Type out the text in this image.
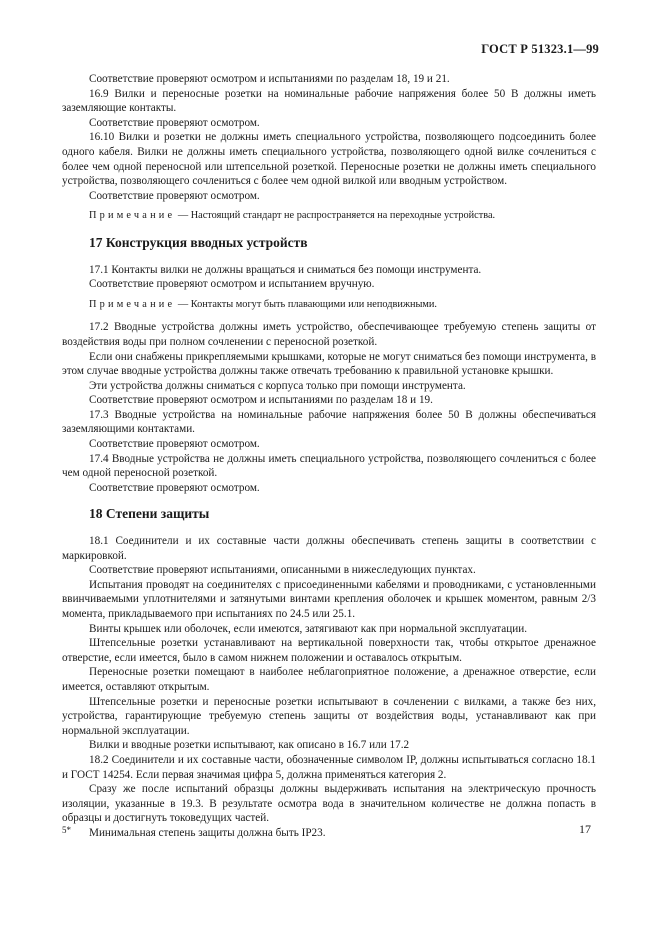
ГОСТ Р 51323.1—99

Соответствие проверяют осмотром и испытаниями по разделам 18, 19 и 21.

16.9 Вилки и переносные розетки на номинальные рабочие напряжения более 50 В должны иметь заземляющие контакты.

Соответствие проверяют осмотром.

16.10 Вилки и розетки не должны иметь специального устройства, позволяющего подсоединить более одного кабеля. Вилки не должны иметь специального устройства, позволяющего одной вилке сочлениться с более чем одной переносной или штепсельной розеткой. Переносные розетки не должны иметь специального устройства, позволяющего сочлениться с более чем одной вилкой или вводным устройством.

Соответствие проверяют осмотром.

Примечание — Настоящий стандарт не распространяется на переходные устройства.
17 Конструкция вводных устройств

17.1 Контакты вилки не должны вращаться и сниматься без помощи инструмента.

Соответствие проверяют осмотром и испытанием вручную.

Примечание — Контакты могут быть плавающими или неподвижными.

17.2 Вводные устройства должны иметь устройство, обеспечивающее требуемую степень защиты от воздействия воды при полном сочленении с переносной розеткой.

Если они снабжены прикрепляемыми крышками, которые не могут сниматься без помощи инструмента, в этом случае вводные устройства должны также отвечать требованию к правильной установке крышки.

Эти устройства должны сниматься с корпуса только при помощи инструмента.

Соответствие проверяют осмотром и испытаниями по разделам 18 и 19.

17.3 Вводные устройства на номинальные рабочие напряжения более 50 В должны обеспечиваться заземляющими контактами.

Соответствие проверяют осмотром.

17.4 Вводные устройства не должны иметь специального устройства, позволяющего сочлениться с более чем одной переносной розеткой.

Соответствие проверяют осмотром.

18 Степени защиты

18.1 Соединители и их составные части должны обеспечивать степень защиты в соответствии с маркировкой.

Соответствие проверяют испытаниями, описанными в нижеследующих пунктах.

Испытания проводят на соединителях с присоединенными кабелями и проводниками, с установленными ввинчиваемыми уплотнителями и затянутыми винтами крепления оболочек и крышек моментом, равным 2/3 момента, прикладываемого при испытаниях по 24.5 или 25.1.

Винты крышек или оболочек, если имеются, затягивают как при нормальной эксплуатации.

Штепсельные розетки устанавливают на вертикальной поверхности так, чтобы открытое дренажное отверстие, если имеется, было в самом нижнем положении и оставалось открытым.

Переносные розетки помещают в наиболее неблагоприятное положение, а дренажное отверстие, если имеется, оставляют открытым.

Штепсельные розетки и переносные розетки испытывают в сочленении с вилками, а также без них, устройства, гарантирующие требуемую степень защиты от воздействия воды, устанавливают как при нормальной эксплуатации.

Вилки и вводные розетки испытывают, как описано в 16.7 или 17.2

18.2 Соединители и их составные части, обозначенные символом IP, должны испытываться согласно 18.1 и ГОСТ 14254. Если первая значимая цифра 5, должна применяться категория 2.

Сразу же после испытаний образцы должны выдерживать испытания на электрическую прочность изоляции, указанные в 19.3. В результате осмотра вода в значительном количестве не должна попасть в образцы и достигнуть токоведущих частей.

Минимальная степень защиты должна быть IP23.

5*	17
